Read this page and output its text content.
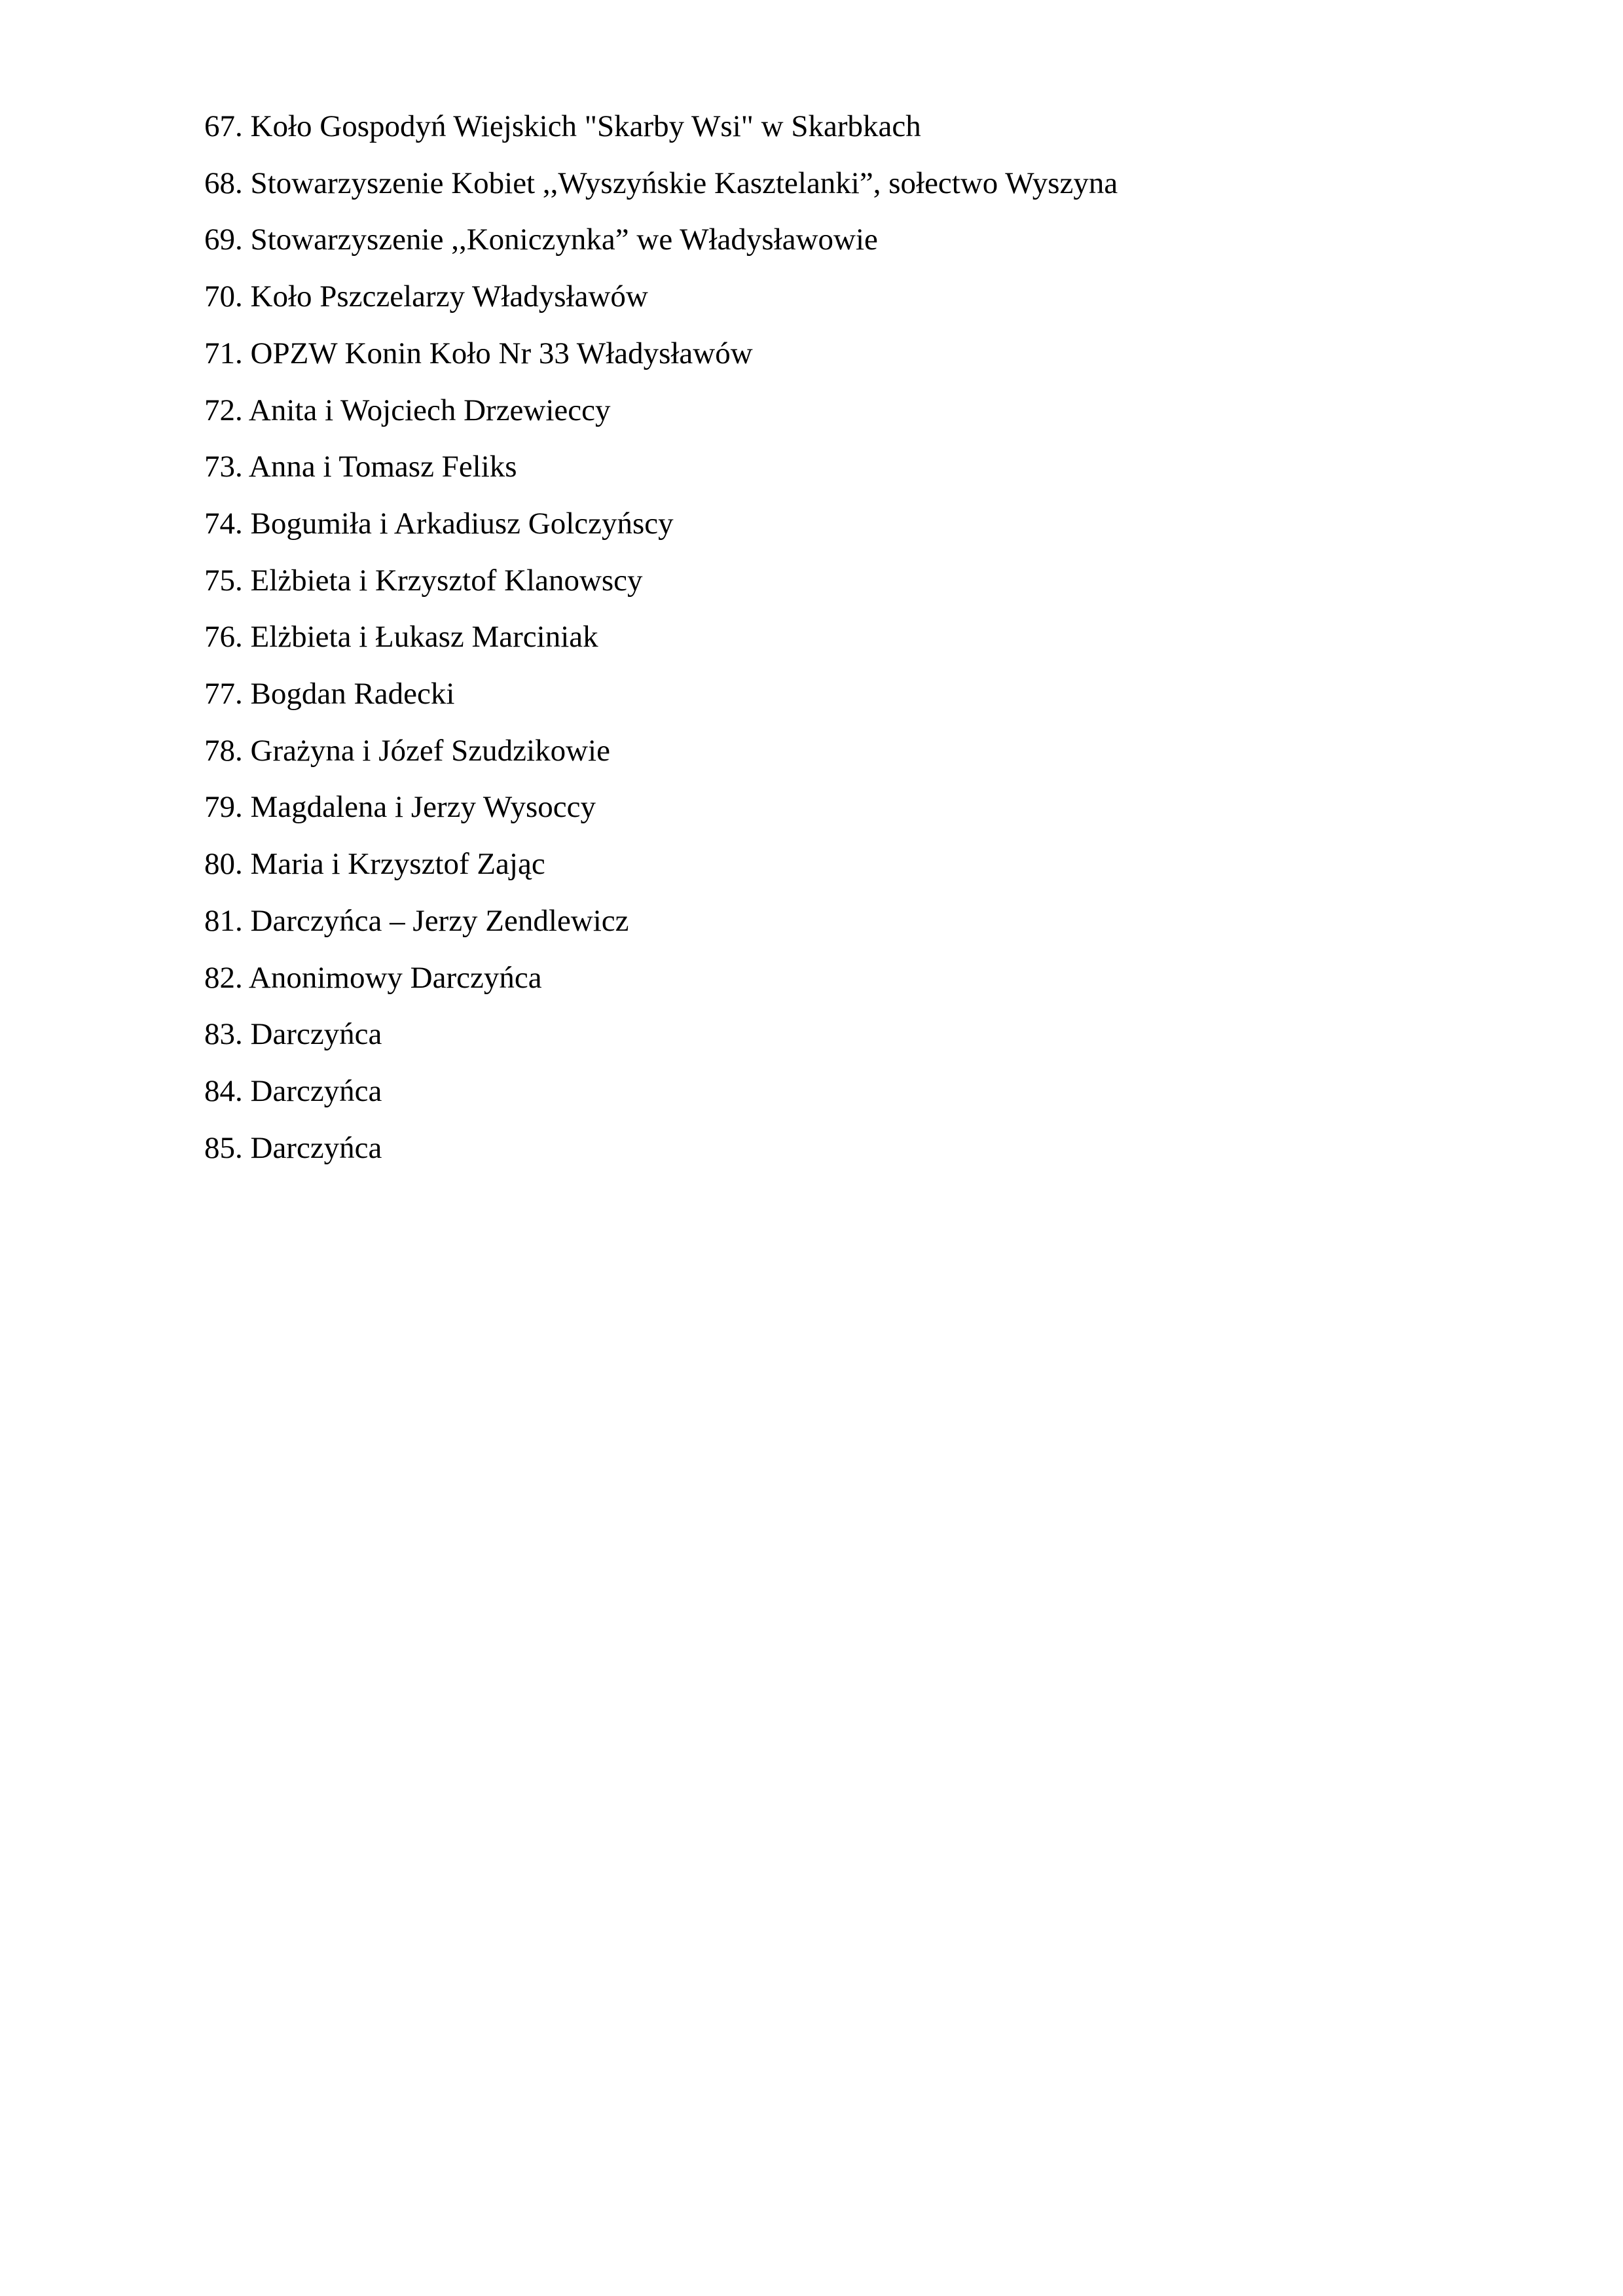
67. Koło Gospodyń Wiejskich "Skarby Wsi" w Skarbkach
68. Stowarzyszenie Kobiet ,,Wyszyńskie Kasztelanki”, sołectwo Wyszyna
69. Stowarzyszenie ,,Koniczynka” we Władysławowie
70. Koło Pszczelarzy Władysławów
71. OPZW Konin Koło Nr 33 Władysławów
72. Anita i Wojciech Drzewieccy
73. Anna i Tomasz Feliks
74. Bogumiła i Arkadiusz Golczyńscy
75. Elżbieta i Krzysztof Klanowscy
76. Elżbieta i Łukasz Marciniak
77. Bogdan Radecki
78. Grażyna i Józef Szudzikowie
79. Magdalena i Jerzy Wysoccy
80. Maria i Krzysztof Zając
81. Darczyńca – Jerzy Zendlewicz
82. Anonimowy Darczyńca
83. Darczyńca
84. Darczyńca
85. Darczyńca
